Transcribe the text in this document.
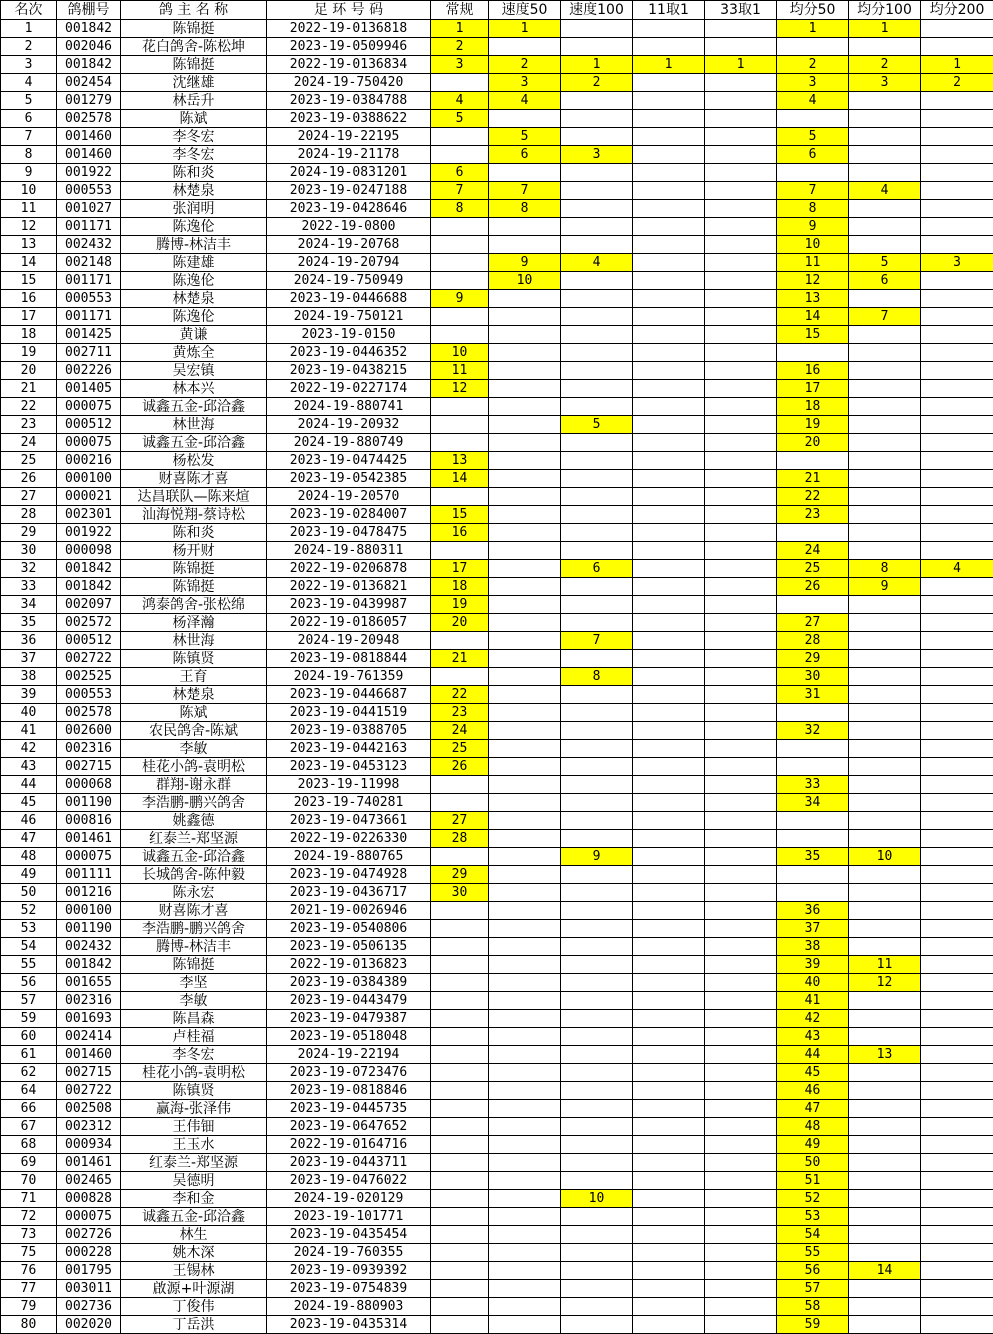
名次	鸽棚号	鸽 主 名 称	足 环 号 码	常规	速度50	速度100	11取1	33取1	均分50	均分100	均分200
1	001842	陈锦挺	2022-19-0136818	1	1				1	1	
2	002046	花白鸽舍-陈松坤	2023-19-0509946	2							
3	001842	陈锦挺	2022-19-0136834	3	2	1	1	1	2	2	1
4	002454	沈继雄	2024-19-750420		3	2			3	3	2
5	001279	林岳升	2023-19-0384788	4	4				4		
6	002578	陈斌	2023-19-0388622	5							
7	001460	李冬宏	2024-19-22195		5				5		
8	001460	李冬宏	2024-19-21178		6	3			6		
9	001922	陈和炎	2024-19-0831201	6							
10	000553	林楚泉	2023-19-0247188	7	7				7	4	
11	001027	张润明	2023-19-0428646	8	8				8		
12	001171	陈逸伦	2022-19-0800						9		
13	002432	腾博-林洁丰	2024-19-20768						10		
14	002148	陈建雄	2024-19-20794		9	4			11	5	3
15	001171	陈逸伦	2024-19-750949		10				12	6	
16	000553	林楚泉	2023-19-0446688	9					13		
17	001171	陈逸伦	2024-19-750121						14	7	
18	001425	黄谦	2023-19-0150						15		
19	002711	黄炼全	2023-19-0446352	10							
20	002226	吴宏镇	2023-19-0438215	11					16		
21	001405	林本兴	2022-19-0227174	12					17		
22	000075	诚鑫五金-邱洽鑫	2024-19-880741						18		
23	000512	林世海	2024-19-20932			5			19		
24	000075	诚鑫五金-邱洽鑫	2024-19-880749						20		
25	000216	杨松发	2023-19-0474425	13							
26	000100	财喜陈才喜	2023-19-0542385	14					21		
27	000021	达昌联队—陈来煊	2024-19-20570						22		
28	002301	汕海悦翔-蔡诗松	2023-19-0284007	15					23		
29	001922	陈和炎	2023-19-0478475	16							
30	000098	杨开财	2024-19-880311						24		
32	001842	陈锦挺	2022-19-0206878	17		6			25	8	4
33	001842	陈锦挺	2022-19-0136821	18					26	9	
34	002097	鸿泰鸽舍-张松绵	2023-19-0439987	19							
35	002572	杨泽瀚	2022-19-0186057	20					27		
36	000512	林世海	2024-19-20948			7			28		
37	002722	陈镇贤	2023-19-0818844	21					29		
38	002525	王育	2024-19-761359			8			30		
39	000553	林楚泉	2023-19-0446687	22					31		
40	002578	陈斌	2023-19-0441519	23							
41	002600	农民鸽舍-陈斌	2023-19-0388705	24					32		
42	002316	李敏	2023-19-0442163	25							
43	002715	桂花小鸽-袁明松	2023-19-0453123	26							
44	000068	群翔-谢永群	2023-19-11998						33		
45	001190	李浩鹏-鹏兴鸽舍	2023-19-740281						34		
46	000816	姚鑫德	2023-19-0473661	27							
47	001461	红泰兰-郑坚源	2022-19-0226330	28							
48	000075	诚鑫五金-邱洽鑫	2024-19-880765			9			35	10	
49	001111	长城鸽舍-陈仲毅	2023-19-0474928	29							
50	001216	陈永宏	2023-19-0436717	30							
52	000100	财喜陈才喜	2021-19-0026946						36		
53	001190	李浩鹏-鹏兴鸽舍	2023-19-0540806						37		
54	002432	腾博-林洁丰	2023-19-0506135						38		
55	001842	陈锦挺	2022-19-0136823						39	11	
56	001655	李坚	2023-19-0384389						40	12	
57	002316	李敏	2023-19-0443479						41		
59	001693	陈昌森	2023-19-0479387						42		
60	002414	卢桂福	2023-19-0518048						43		
61	001460	李冬宏	2024-19-22194						44	13	
62	002715	桂花小鸽-袁明松	2023-19-0723476						45		
64	002722	陈镇贤	2023-19-0818846						46		
66	002508	赢海-张泽伟	2023-19-0445735						47		
67	002312	王伟钿	2023-19-0647652						48		
68	000934	王玉水	2022-19-0164716						49		
69	001461	红泰兰-郑坚源	2023-19-0443711						50		
70	002465	吴德明	2023-19-0476022						51		
71	000828	李和金	2024-19-020129			10			52		
72	000075	诚鑫五金-邱洽鑫	2023-19-101771						53		
73	002726	林生	2023-19-0435454						54		
75	000228	姚木深	2024-19-760355						55		
76	001795	王锡林	2023-19-0939392						56	14	
77	003011	啟源+叶源湖	2023-19-0754839						57		
79	002736	丁俊伟	2024-19-880903						58		
80	002020	丁岳洪	2023-19-0435314						59		
